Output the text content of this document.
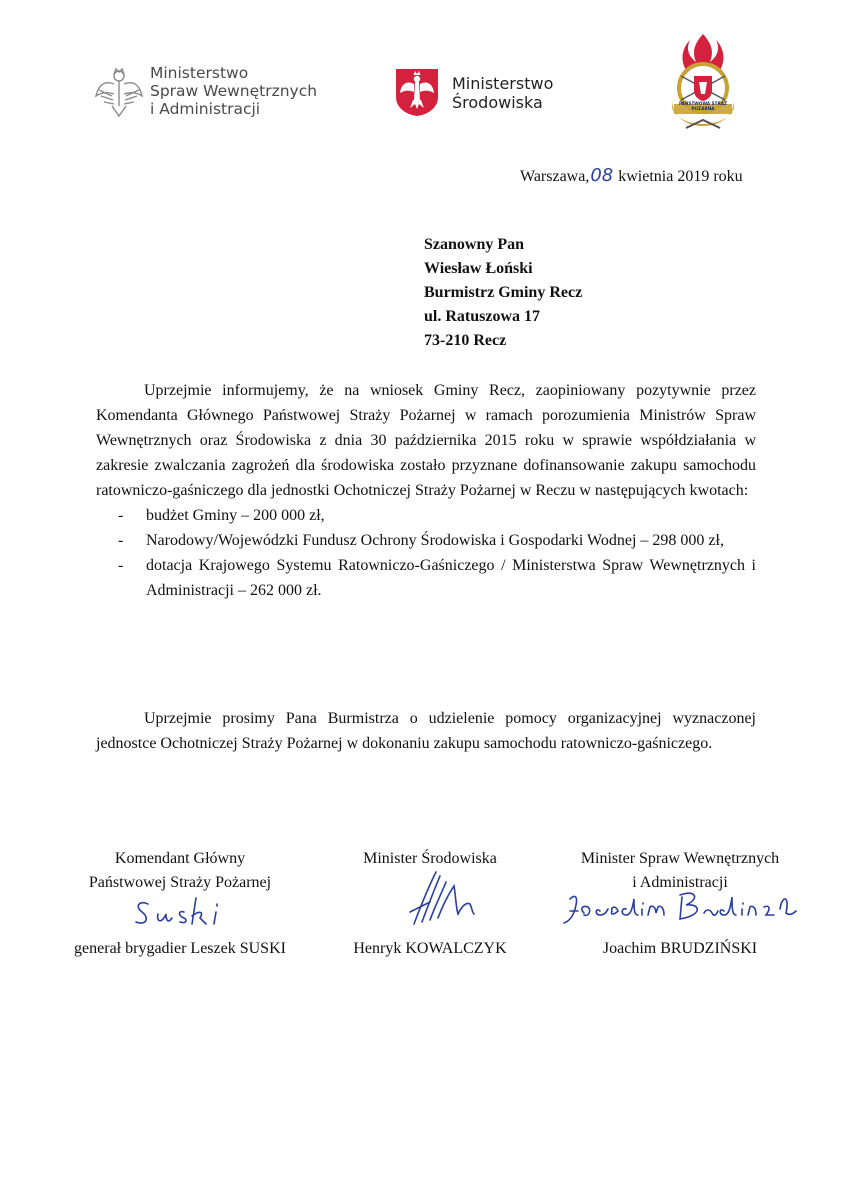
Ministerstwo
Spraw Wewnętrznych
i Administracji
Ministerstwo
Środowiska	PAŃSTWOWA STRAŻ POŻARNA
Warszawa,08 kwietnia 2019 roku
Szanowny Pan
Wiesław Łoński
Burmistrz Gminy Recz
ul. Ratuszowa 17
73-210 Recz
Uprzejmie informujemy, że na wniosek Gminy Recz, zaopiniowany pozytywnie przez Komendanta Głównego Państwowej Straży Pożarnej w ramach porozumienia Ministrów Spraw Wewnętrznych oraz Środowiska z dnia 30 października 2015 roku w sprawie współdziałania w zakresie zwalczania zagrożeń dla środowiska zostało przyznane dofinansowanie zakupu samochodu ratowniczo-gaśniczego dla jednostki Ochotniczej Straży Pożarnej w Reczu w następujących kwotach:
- budżet Gminy – 200 000 zł,
- Narodowy/Wojewódzki Fundusz Ochrony Środowiska i Gospodarki Wodnej – 298 000 zł,
- dotacja Krajowego Systemu Ratowniczo-Gaśniczego / Ministerstwa Spraw Wewnętrznych i Administracji – 262 000 zł.
Uprzejmie prosimy Pana Burmistrza o udzielenie pomocy organizacyjnej wyznaczonej jednostce Ochotniczej Straży Pożarnej w dokonaniu zakupu samochodu ratowniczo-gaśniczego.
Komendant Główny
Państwowej Straży Pożarnej
Minister Środowiska	Minister Spraw Wewnętrznych
i Administracji
generał brygadier Leszek SUSKI	Henryk KOWALCZYK	Joachim BRUDZIŃSKI
